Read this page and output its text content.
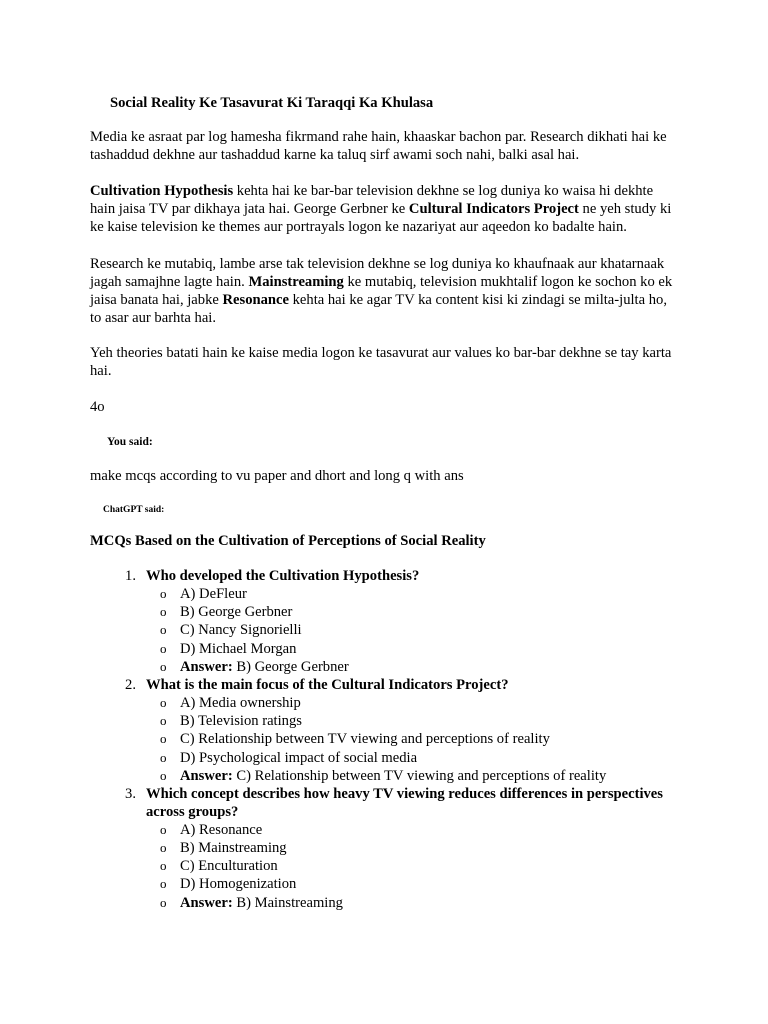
Social Reality Ke Tasavurat Ki Taraqqi Ka Khulasa
Media ke asraat par log hamesha fikrmand rahe hain, khaaskar bachon par. Research dikhati hai ke tashaddud dekhne aur tashaddud karne ka taluq sirf awami soch nahi, balki asal hai.
Cultivation Hypothesis kehta hai ke bar-bar television dekhne se log duniya ko waisa hi dekhte hain jaisa TV par dikhaya jata hai. George Gerbner ke Cultural Indicators Project ne yeh study ki ke kaise television ke themes aur portrayals logon ke nazariyat aur aqeedon ko badalte hain.
Research ke mutabiq, lambe arse tak television dekhne se log duniya ko khaufnaak aur khatarnaak jagah samajhne lagte hain. Mainstreaming ke mutabiq, television mukhtalif logon ke sochon ko ek jaisa banata hai, jabke Resonance kehta hai ke agar TV ka content kisi ki zindagi se milta-julta ho, to asar aur barhta hai.
Yeh theories batati hain ke kaise media logon ke tasavurat aur values ko bar-bar dekhne se tay karta hai.
4o
You said:
make mcqs according to vu paper and dhort and long q with ans
ChatGPT said:
MCQs Based on the Cultivation of Perceptions of Social Reality
1. Who developed the Cultivation Hypothesis?
o A) DeFleur
o B) George Gerbner
o C) Nancy Signorielli
o D) Michael Morgan
o Answer: B) George Gerbner
2. What is the main focus of the Cultural Indicators Project?
o A) Media ownership
o B) Television ratings
o C) Relationship between TV viewing and perceptions of reality
o D) Psychological impact of social media
o Answer: C) Relationship between TV viewing and perceptions of reality
3. Which concept describes how heavy TV viewing reduces differences in perspectives across groups?
o A) Resonance
o B) Mainstreaming
o C) Enculturation
o D) Homogenization
o Answer: B) Mainstreaming
